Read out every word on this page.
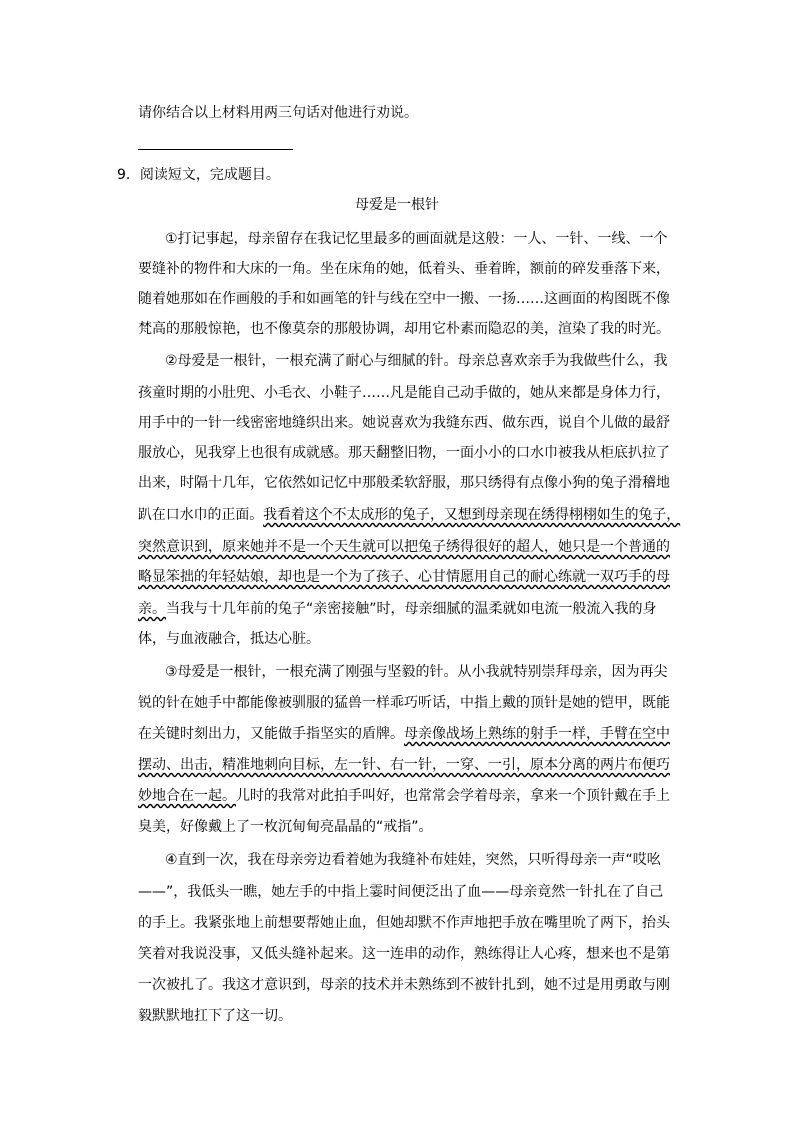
请你结合以上材料用两三句话对他进行劝说。
9．阅读短文，完成题目。
母爱是一根针
①打记事起，母亲留存在我记忆里最多的画面就是这般：一人、一针、一线、一个
要缝补的物件和大床的一角。坐在床角的她，低着头、垂着眸，额前的碎发垂落下来，
随着她那如在作画般的手和如画笔的针与线在空中一搬、一扬……这画面的构图既不像
梵高的那般惊艳，也不像莫奈的那般协调，却用它朴素而隐忍的美，渲染了我的时光。
②母爱是一根针，一根充满了耐心与细腻的针。母亲总喜欢亲手为我做些什么，我
孩童时期的小肚兜、小毛衣、小鞋子……凡是能自己动手做的，她从来都是身体力行，
用手中的一针一线密密地缝织出来。她说喜欢为我缝东西、做东西，说自个儿做的最舒
服放心，见我穿上也很有成就感。那天翻整旧物，一面小小的口水巾被我从柜底扒拉了
出来，时隔十几年，它依然如记忆中那般柔软舒服，那只绣得有点像小狗的兔子滑稽地
趴在口水巾的正面。我看着这个不太成形的兔子，又想到母亲现在绣得栩栩如生的兔子，
突然意识到，原来她并不是一个天生就可以把兔子绣得很好的超人，她只是一个普通的
略显笨拙的年轻姑娘，却也是一个为了孩子、心甘情愿用自己的耐心练就一双巧手的母
亲。当我与十几年前的兔子“亲密接触”时，母亲细腻的温柔就如电流一般流入我的身
体，与血液融合，抵达心脏。
③母爱是一根针，一根充满了刚强与坚毅的针。从小我就特别崇拜母亲，因为再尖
锐的针在她手中都能像被驯服的猛兽一样乖巧听话，中指上戴的顶针是她的铠甲，既能
在关键时刻出力，又能做手指坚实的盾牌。母亲像战场上熟练的射手一样，手臂在空中
摆动、出击，精准地刺向目标，左一针、右一针，一穿、一引，原本分离的两片布便巧
妙地合在一起。儿时的我常对此拍手叫好，也常常会学着母亲，拿来一个顶针戴在手上
臭美，好像戴上了一枚沉甸甸亮晶晶的“戒指”。
④直到一次，我在母亲旁边看着她为我缝补布娃娃，突然，只听得母亲一声“哎吆
——”，我低头一瞧，她左手的中指上霎时间便泛出了血——母亲竟然一针扎在了自己
的手上。我紧张地上前想要帮她止血，但她却默不作声地把手放在嘴里吮了两下，抬头
笑着对我说没事，又低头缝补起来。这一连串的动作，熟练得让人心疼，想来也不是第
一次被扎了。我这才意识到，母亲的技术并未熟练到不被针扎到，她不过是用勇敢与刚
毅默默地扛下了这一切。
